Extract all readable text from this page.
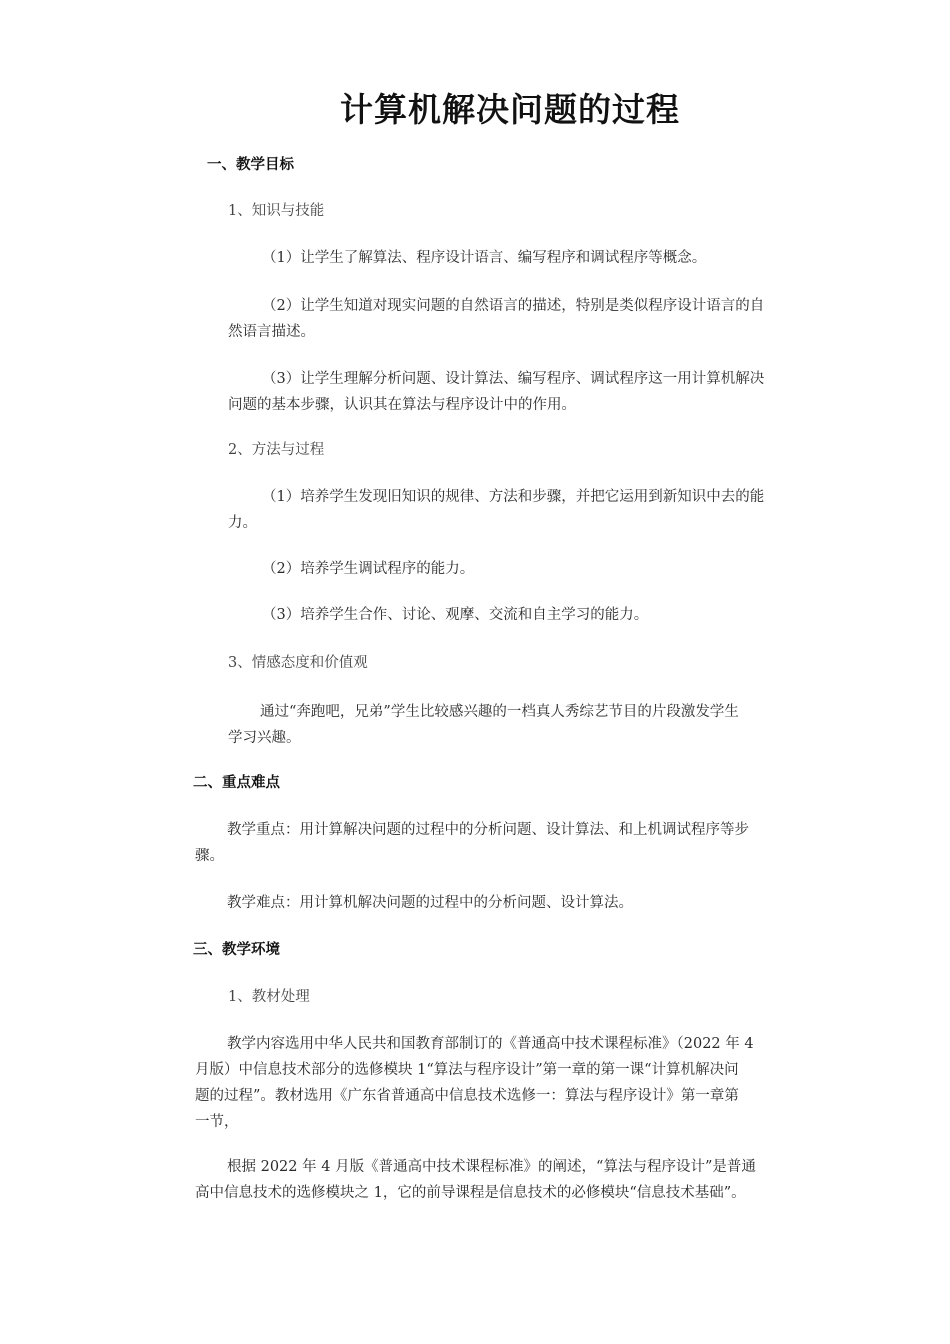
计算机解决问题的过程
一、教学目标
1、知识与技能
（1）让学生了解算法、程序设计语言、编写程序和调试程序等概念。
（2）让学生知道对现实问题的自然语言的描述，特别是类似程序设计语言的自
然语言描述。
（3）让学生理解分析问题、设计算法、编写程序、调试程序这一用计算机解决
问题的基本步骤，认识其在算法与程序设计中的作用。
2、方法与过程
（1）培养学生发现旧知识的规律、方法和步骤，并把它运用到新知识中去的能
力。
（2）培养学生调试程序的能力。
（3）培养学生合作、讨论、观摩、交流和自主学习的能力。
3、情感态度和价值观
通过“奔跑吧，兄弟”学生比较感兴趣的一档真人秀综艺节目的片段激发学生
学习兴趣。
二、重点难点
教学重点：用计算解决问题的过程中的分析问题、设计算法、和上机调试程序等步
骤。
教学难点：用计算机解决问题的过程中的分析问题、设计算法。
三、教学环境
1、教材处理
教学内容选用中华人民共和国教育部制订的《普通高中技术课程标准》（2022 年 4
月版）中信息技术部分的选修模块 1“算法与程序设计”第一章的第一课“计算机解决问
题的过程”。教材选用《广东省普通高中信息技术选修一：算法与程序设计》第一章第
一节，
根据 2022 年 4 月版《普通高中技术课程标准》的阐述，“算法与程序设计”是普通
高中信息技术的选修模块之 1，它的前导课程是信息技术的必修模块“信息技术基础”。
